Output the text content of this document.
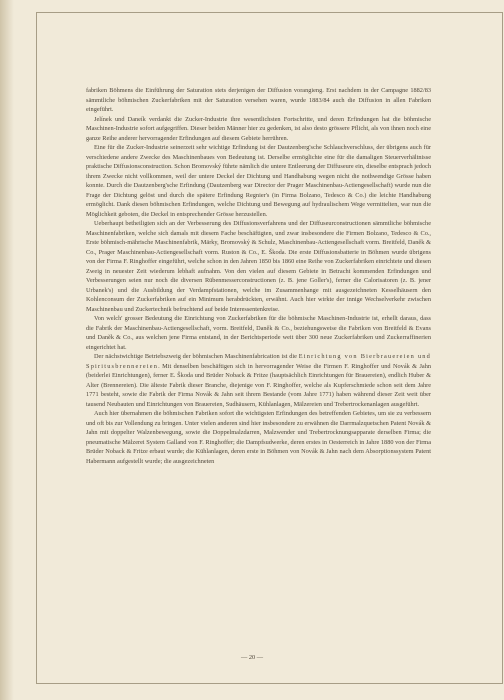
fabriken Böhmens die Einführung der Saturation stets derjenigen der Diffusion vorangieng. Erst nachdem in der Campagne 1882/83 sämmtliche böhmischen Zuckerfabriken mit der Saturation versehen waren, wurde 1883/84 auch die Diffusion in allen Fabriken eingeführt.

Jelínek und Daneík verdankt die Zucker-Industrie ihre wesentlichsten Fortschritte, und deren Erfindungen hat die böhmische Maschinen-Industrie sofort aufgegriffen. Dieser beiden Männer hier zu gedenken, ist also desto grössere Pflicht, als von ihnen noch eine ganze Reihe anderer hervorragender Erfindungen auf diesem Gebiete herrühren.

Eine für die Zucker-Industrie seinerzeit sehr wichtige Erfindung ist der Dautzenberg'sche Schlauchverschluss, der übrigens auch für verschiedene andere Zwecke des Maschinenbaues von Bedeutung ist. Derselbe ermöglichte eine für die damaligen Steuerverhältnisse praktische Diffusionsconstruction. Schon Bromovský führte nämlich die untere Entleerung der Diffuseure ein, dieselbe entsprach jedoch ihrem Zwecke nicht vollkommen, weil der untere Deckel der Dichtung und Handhabung wegen nicht die nothwendige Grösse haben konnte. Durch die Dautzenberg'sche Erfindung (Dautzenberg war Director der Prager Maschinenbau-Actiengesellschaft) wurde nun die Frage der Dichtung gelöst und durch die spätere Erfindung Regnier's (in Firma Bolzano, Tedesco & Co.) die leichte Handhabung ermöglicht. Dank diesen böhmischen Erfindungen, welche Dichtung und Bewegung auf hydraulischem Wege vermittelten, war nun die Möglichkeit geboten, die Deckel in entsprechender Grösse herzustellen.

Ueberhaupt betheiligten sich an der Verbesserung des Diffusionsverfahrens und der Diffuseurconstructionen sämmtliche böhmische Maschinenfabriken, welche sich damals mit diesem Fache beschäftigten, und zwar insbesondere die Firmen Bolzano, Tedesco & Co., Erste böhmisch-mährische Maschinenfabrik, Märky, Bromovský & Schulz, Maschinenbau-Actiengesellschaft vorm. Breitfeld, Daněk & Co., Prager Maschinenbau-Actiengesellschaft vorm. Ruston & Co., E. Škoda. Die erste Diffusionsbatterie in Böhmen wurde übrigens von der Firma F. Ringhoffer eingeführt, welche schon in den Jahren 1850 bis 1860 eine Reihe von Zuckerfabriken einrichtete und diesen Zweig in neuester Zeit wiederum lebhaft aufnahm. Von den vielen auf diesem Gebiete in Betracht kommenden Erfindungen und Verbesserungen seien nur noch die diversen Rübenmesserconstructionen (z. B. jene Goller's), ferner die Calorisatoren (z. B. jener Urbanek's) und die Ausbildung der Verdampfstationen, welche im Zusammenhange mit ausgezeichneten Kesselhäusern den Kohlenconsum der Zuckerfabriken auf ein Minimum herabdrückten, erwähnt. Auch hier wirkte der innige Wechselverkehr zwischen Maschinenbau und Zuckertechnik befruchtend auf beide Interessentenkreise.

Von welch' grosser Bedeutung die Einrichtung von Zuckerfabriken für die böhmische Maschinen-Industrie ist, erhellt daraus, dass die Fabrik der Maschinenbau-Actiengesellschaft, vorm. Breitfeld, Daněk & Co., beziehungsweise die Fabriken von Breitfeld & Evans und Daněk & Co., aus welchen jene Firma entstand, in der Berichtsperiode weit über 300 neue Zuckerfabriken und Zuckerraffinerien eingerichtet hat.

Der nächstwichtige Betriebszweig der böhmischen Maschinenfabrication ist die Einrichtung von Bierbrauereien und Spiritusbrennereien. Mit denselben beschäftigen sich in hervorragender Weise die Firmen F. Ringhoffer und Novák & Jahn (beiderlei Einrichtungen), ferner E. Škoda und Brüder Noback & Fritze (hauptsächlich Einrichtungen für Brauereien), endlich Huber & Alter (Brennereien). Die älteste Fabrik dieser Branche, diejenige von F. Ringhoffer, welche als Kupferschmiede schon seit dem Jahre 1771 besteht, sowie die Fabrik der Firma Novák & Jahn seit ihrem Bestande (vom Jahre 1771) haben während dieser Zeit weit über tausend Neubauten und Einrichtungen von Brauereien, Sudhäusern, Kühlanlagen, Mälzereien und Trebertrockenanlagen ausgeführt.

Auch hier übernahmen die böhmischen Fabriken sofort die wichtigsten Erfindungen des betreffenden Gebietes, um sie zu verbessern und oft bis zur Vollendung zu bringen. Unter vielen anderen sind hier insbesondere zu erwähnen die Darrmalzquetschen Patent Novák & Jahn mit doppelter Walzenbewegung, sowie die Doppelmalzdarren, Malzwender und Trebertrocknungsapparate derselben Firma; die pneumatische Mälzerei System Galland von F. Ringhoffer; die Dampfsudwerke, deren erstes in Oesterreich in Jahre 1880 von der Firma Brüder Noback & Fritze erbaut wurde; die Kühlanlagen, deren erste in Böhmen von Novák & Jahn nach dem Absorptionssystem Patent Habermann aufgestellt wurde; die ausgezeichneten

— 20 —
